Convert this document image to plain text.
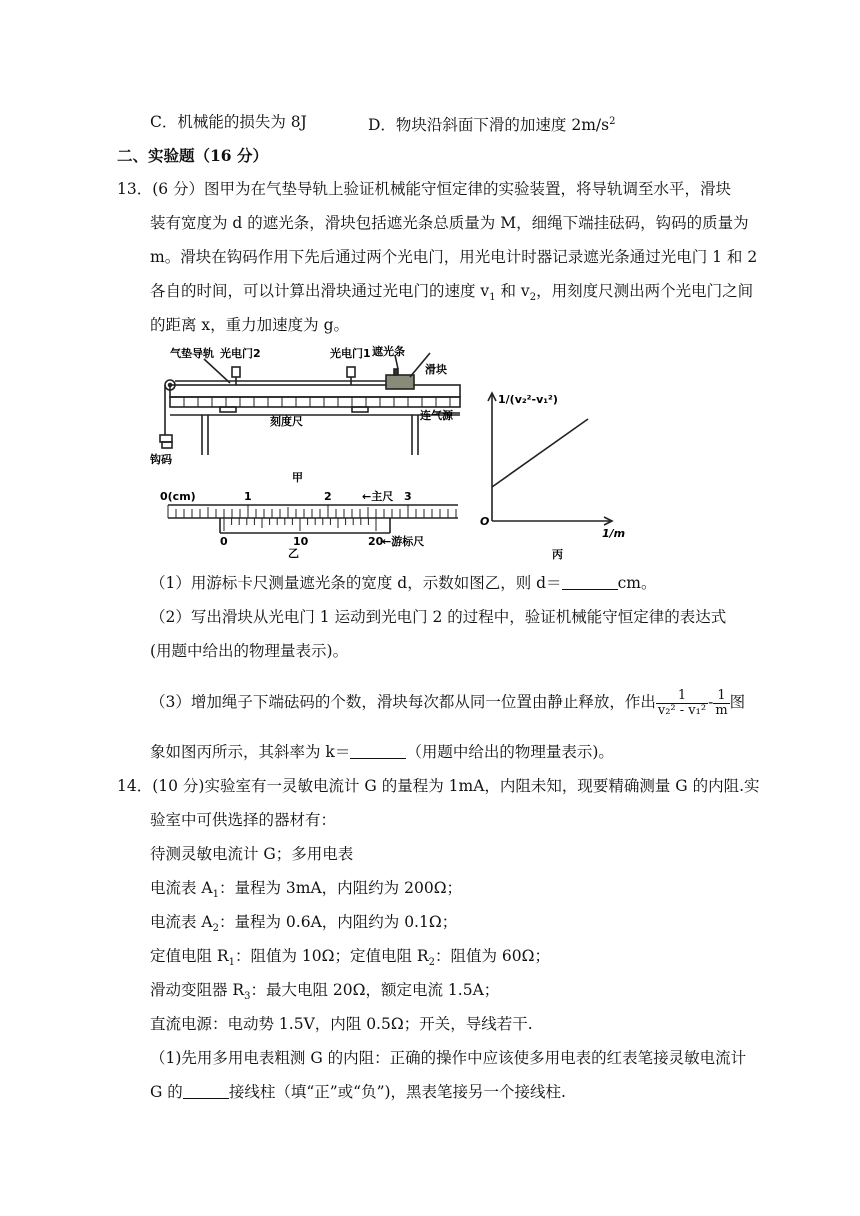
C．机械能的损失为 8J	D．物块沿斜面下滑的加速度 $2m/s^2$
二、实验题（16 分）
13．(6 分）图甲为在气垫导轨上验证机械能守恒定律的实验装置，将导轨调至水平，滑块
装有宽度为 d 的遮光条，滑块包括遮光条总质量为 M，细绳下端挂砝码，钩码的质量为
m。滑块在钩码作用下先后通过两个光电门，用光电计时器记录遮光条通过光电门 1 和 2
各自的时间，可以计算出滑块通过光电门的速度 $v_1$ 和 $v_2$，用刻度尺测出两个光电门之间
的距离 x，重力加速度为 g。
气垫导轨 光电门2	光电门1 遮光条
滑块
刻度尺	连气源
钩码
甲
0(cm)	1	2	←主尺 3
0	10	20
←游标尺
乙
1/(v₂²-v₁²)
1/m
O
丙
（1）用游标卡尺测量遮光条的宽度 d，示数如图乙，则 d＝	cm。
（2）写出滑块从光电门 1 运动到光电门 2 的过程中，验证机械能守恒定律的表达式
(用题中给出的物理量表示)。
（3）增加绳子下端砝码的个数，滑块每次都从同一位置由静止释放，作出 $\frac{1}{\text{v₂² - v₁²}} - \frac{1}{m}$ 图
象如图丙所示，其斜率为 k＝	（用题中给出的物理量表示)。
14．(10 分)实验室有一灵敏电流计 G 的量程为 1mA，内阻未知，现要精确测量 G 的内阻.实
验室中可供选择的器材有：
待测灵敏电流计 G；多用电表
电流表 $A_1$：量程为 3mA，内阻约为 200Ω；
电流表 $A_2$：量程为 0.6A，内阻约为 0.1Ω；
定值电阻 $R_1$：阻值为 10Ω；定值电阻 $R_2$：阻值为 60Ω；
滑动变阻器 $R_3$：最大电阻 20Ω，额定电流 1.5A；
直流电源：电动势 1.5V，内阻 0.5Ω；开关，导线若干.
（1)先用多用电表粗测 G 的内阻：正确的操作中应该使多用电表的红表笔接灵敏电流计
G 的	接线柱（填“正”或“负”)，黑表笔接另一个接线柱.
